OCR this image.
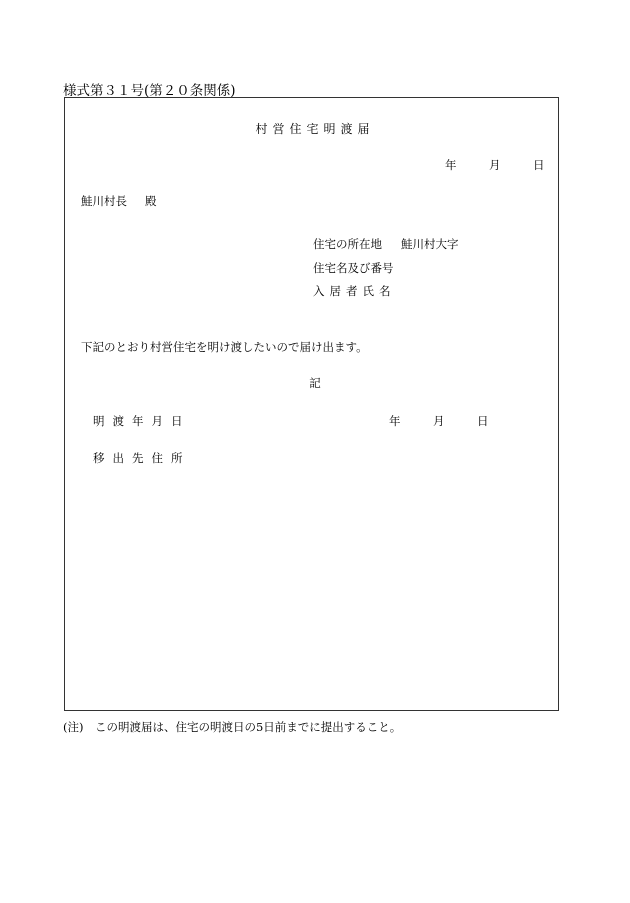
様式第３１号(第２０条関係)
村営住宅明渡届
年	月	日
鮭川村長 殿
住宅の所在地 鮭川村大字
住宅名及び番号
入居者氏名
下記のとおり村営住宅を明け渡したいので届け出ます。
記
明渡年月日	年	月	日
移出先住所
(注)　この明渡届は、住宅の明渡日の5日前までに提出すること。
